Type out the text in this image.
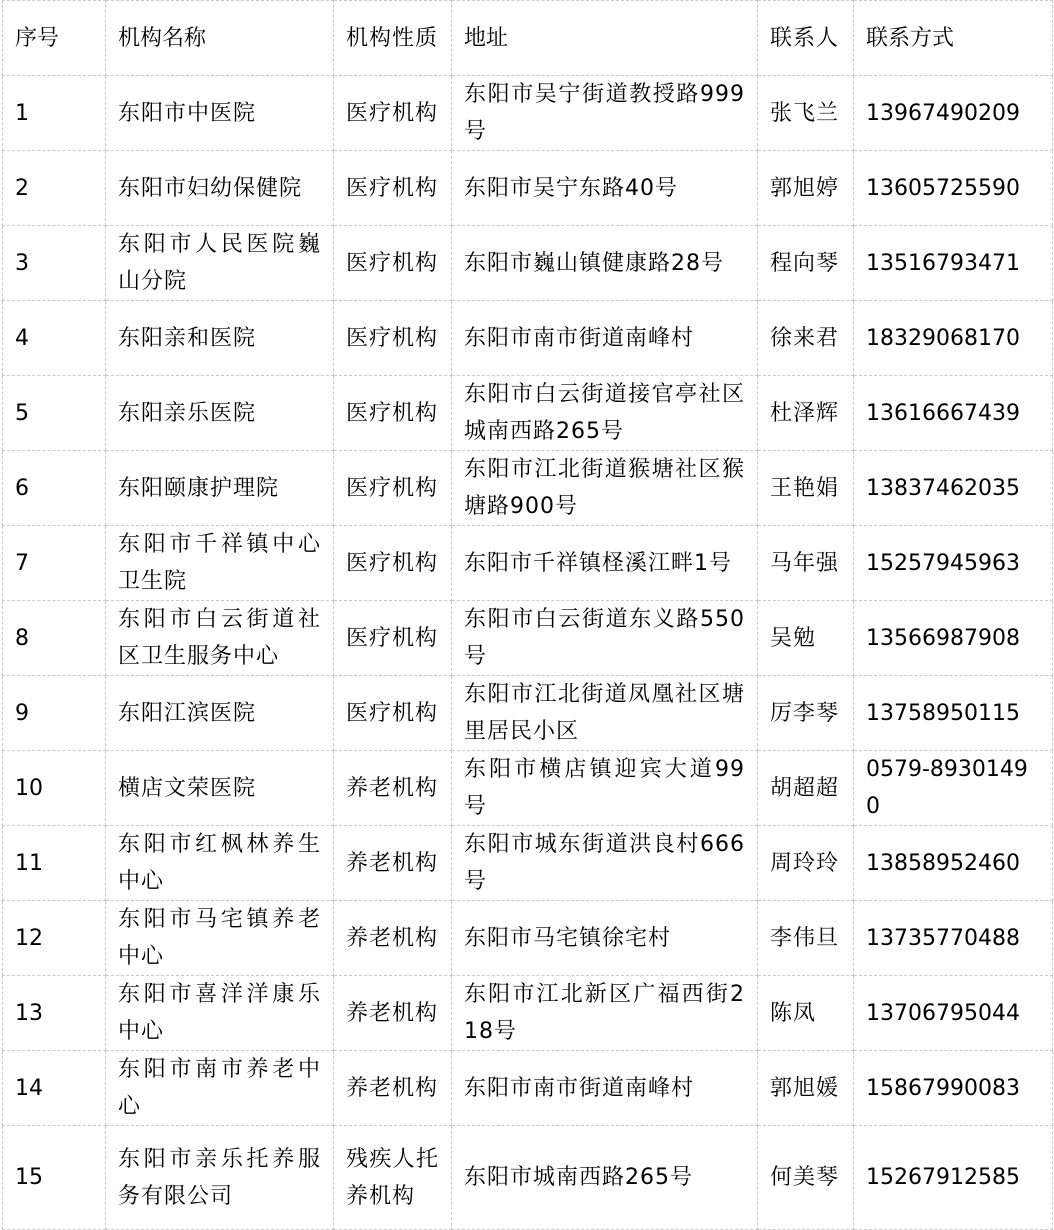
序号	机构名称	机构性质	地址	联系人	联系方式
1	东阳市中医院	医疗机构	东阳市吴宁街道教授路999号	张飞兰	13967490209
2	东阳市妇幼保健院	医疗机构	东阳市吴宁东路40号	郭旭婷	13605725590
3	东阳市人民医院巍山分院	医疗机构	东阳市巍山镇健康路28号	程向琴	13516793471
4	东阳亲和医院	医疗机构	东阳市南市街道南峰村	徐来君	18329068170
5	东阳亲乐医院	医疗机构	东阳市白云街道接官亭社区城南西路265号	杜泽辉	13616667439
6	东阳颐康护理院	医疗机构	东阳市江北街道猴塘社区猴塘路900号	王艳娟	13837462035
7	东阳市千祥镇中心卫生院	医疗机构	东阳市千祥镇柽溪江畔1号	马年强	15257945963
8	东阳市白云街道社区卫生服务中心	医疗机构	东阳市白云街道东义路550号	吴勉	13566987908
9	东阳江滨医院	医疗机构	东阳市江北街道凤凰社区塘里居民小区	厉李琴	13758950115
10	横店文荣医院	养老机构	东阳市横店镇迎宾大道99号	胡超超	0579-89301490
11	东阳市红枫林养生中心	养老机构	东阳市城东街道洪良村666号	周玲玲	13858952460
12	东阳市马宅镇养老中心	养老机构	东阳市马宅镇徐宅村	李伟旦	13735770488
13	东阳市喜洋洋康乐中心	养老机构	东阳市江北新区广福西街218号	陈凤	13706795044
14	东阳市南市养老中心	养老机构	东阳市南市街道南峰村	郭旭媛	15867990083
15	东阳市亲乐托养服务有限公司	残疾人托养机构	东阳市城南西路265号	何美琴	15267912585
